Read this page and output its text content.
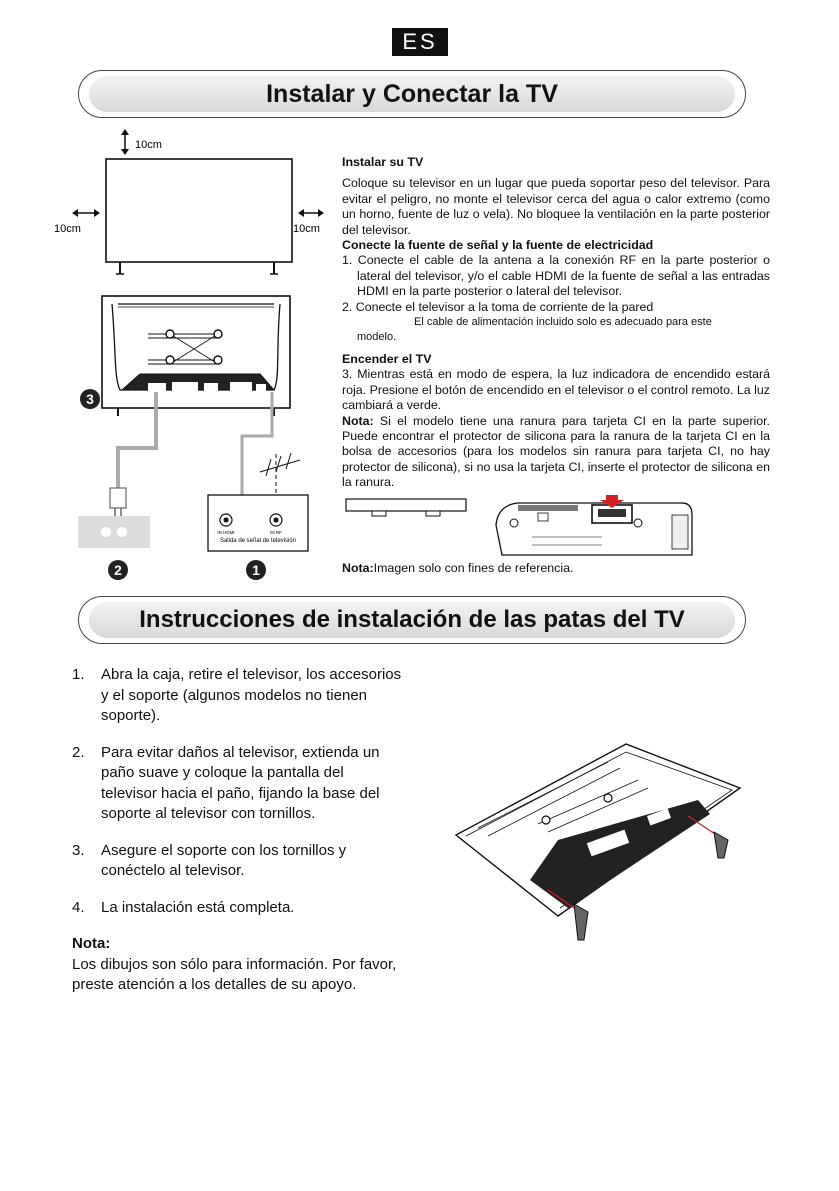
ES
Instalar y Conectar la TV
10cm
10cm	10cm
3
IN HDMI	IN RF
Salida de señal de televisión
2	1
Instalar su TV

Coloque su televisor en un lugar que pueda soportar peso del televisor. Para evitar el peligro, no monte el televisor cerca del agua o calor extremo (como un horno, fuente de luz o vela). No bloquee la ventilación en la parte posterior del televisor.

Conecte la fuente de señal y la fuente de electricidad
1. Conecte el cable de la antena a la conexión RF en la parte posterior o lateral del televisor, y/o el cable HDMI de la fuente de señal a las entradas HDMI en la parte posterior o lateral del televisor.
2. Conecte el televisor a la toma de corriente de la pared
El cable de alimentación incluido solo es adecuado para este
modelo.
Encender el TV

3. Mientras está en modo de espera, la luz indicadora de encendido estará roja. Presione el botón de encendido en el televisor o el control remoto. La luz cambiará a verde.

Nota: Si el modelo tiene una ranura para tarjeta CI en la parte superior. Puede encontrar el protector de silicona para la ranura de la tarjeta CI en la bolsa de accesorios (para los modelos sin ranura para tarjeta CI, no hay protector de silicona), si no usa la tarjeta CI, inserte el protector de silicona en la ranura.

Nota:Imagen solo con fines de referencia.
Instrucciones de instalación de las patas del TV
1.	Abra la caja, retire el televisor, los accesorios y el soporte (algunos modelos no tienen soporte).
2.	Para evitar daños al televisor, extienda un paño suave y coloque la pantalla del televisor hacia el paño, fijando la base del soporte al televisor con tornillos.
3.	Asegure el soporte con los tornillos y conéctelo al televisor.
4.	La instalación está completa.
Nota:
Los dibujos son sólo para información. Por favor, preste atención a los detalles de su apoyo.
